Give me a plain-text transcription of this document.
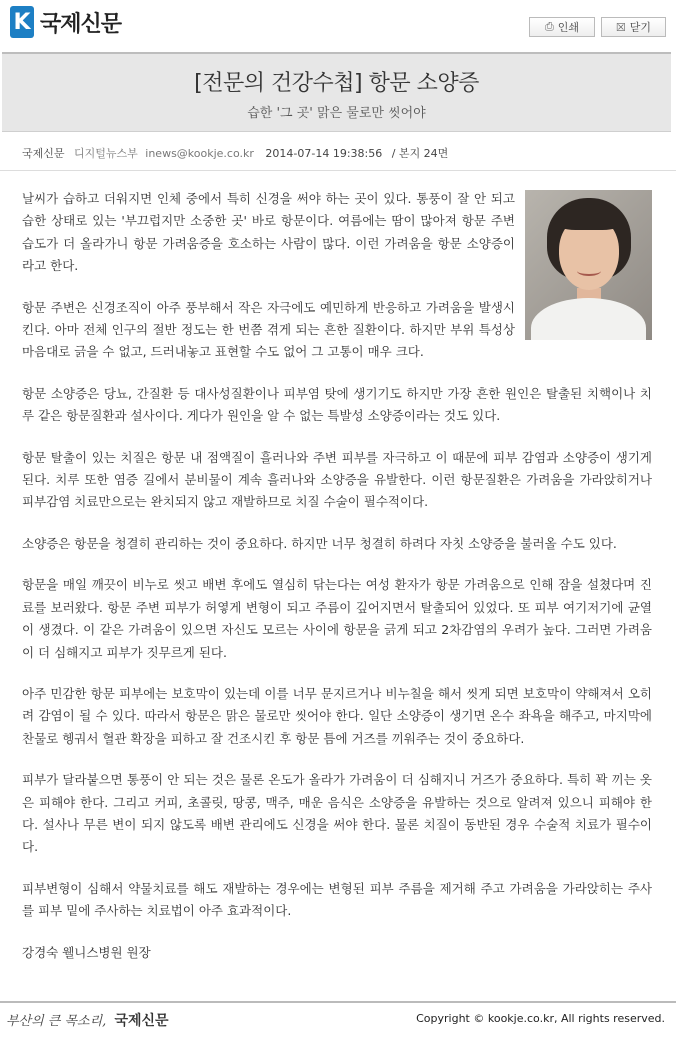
K 국제신문	⎙ 인쇄	☒ 닫기
[전문의 건강수첩] 항문 소양증
습한 '그 곳' 맑은 물로만 씻어야
국제신문 디지털뉴스부 inews@kookje.co.kr 2014-07-14 19:38:56 / 본지 24면

날씨가 습하고 더워지면 인체 중에서 특히 신경을 써야 하는 곳이 있다. 통풍이 잘 안 되고 습한 상태로 있는 '부끄럽지만 소중한 곳' 바로 항문이다. 여름에는 땀이 많아져 항문 주변 습도가 더 올라가니 항문 가려움증을 호소하는 사람이 많다. 이런 가려움을 항문 소양증이라고 한다.

항문 주변은 신경조직이 아주 풍부해서 작은 자극에도 예민하게 반응하고 가려움을 발생시킨다. 아마 전체 인구의 절반 정도는 한 번쯤 겪게 되는 흔한 질환이다. 하지만 부위 특성상 마음대로 긁을 수 없고, 드러내놓고 표현할 수도 없어 그 고통이 매우 크다.

항문 소양증은 당뇨, 간질환 등 대사성질환이나 피부염 탓에 생기기도 하지만 가장 흔한 원인은 탈출된 치핵이나 치루 같은 항문질환과 설사이다. 게다가 원인을 알 수 없는 특발성 소양증이라는 것도 있다.

항문 탈출이 있는 치질은 항문 내 점액질이 흘러나와 주변 피부를 자극하고 이 때문에 피부 감염과 소양증이 생기게 된다. 치루 또한 염증 길에서 분비물이 계속 흘러나와 소양증을 유발한다. 이런 항문질환은 가려움을 가라앉히거나 피부감염 치료만으로는 완치되지 않고 재발하므로 치질 수술이 필수적이다.

소양증은 항문을 청결히 관리하는 것이 중요하다. 하지만 너무 청결히 하려다 자칫 소양증을 불러올 수도 있다.

항문을 매일 깨끗이 비누로 씻고 배변 후에도 열심히 닦는다는 여성 환자가 항문 가려움으로 인해 잠을 설쳤다며 진료를 보러왔다. 항문 주변 피부가 허옇게 변형이 되고 주름이 깊어지면서 탈출되어 있었다. 또 피부 여기저기에 균열이 생겼다. 이 같은 가려움이 있으면 자신도 모르는 사이에 항문을 긁게 되고 2차감염의 우려가 높다. 그러면 가려움이 더 심해지고 피부가 짓무르게 된다.

아주 민감한 항문 피부에는 보호막이 있는데 이를 너무 문지르거나 비누칠을 해서 씻게 되면 보호막이 약해져서 오히려 감염이 될 수 있다. 따라서 항문은 맑은 물로만 씻어야 한다. 일단 소양증이 생기면 온수 좌욕을 해주고, 마지막에 찬물로 헹궈서 혈관 확장을 피하고 잘 건조시킨 후 항문 틈에 거즈를 끼워주는 것이 중요하다.

피부가 달라붙으면 통풍이 안 되는 것은 물론 온도가 올라가 가려움이 더 심해지니 거즈가 중요하다. 특히 꽉 끼는 옷은 피해야 한다. 그리고 커피, 초콜릿, 땅콩, 맥주, 매운 음식은 소양증을 유발하는 것으로 알려져 있으니 피해야 한다. 설사나 무른 변이 되지 않도록 배변 관리에도 신경을 써야 한다. 물론 치질이 동반된 경우 수술적 치료가 필수이다.

피부변형이 심해서 약물치료를 해도 재발하는 경우에는 변형된 피부 주름을 제거해 주고 가려움을 가라앉히는 주사를 피부 밑에 주사하는 치료법이 아주 효과적이다.

강경숙 웰니스병원 원장

부산의 큰 목소리, 국제신문	Copyright © kookje.co.kr, All rights reserved.
